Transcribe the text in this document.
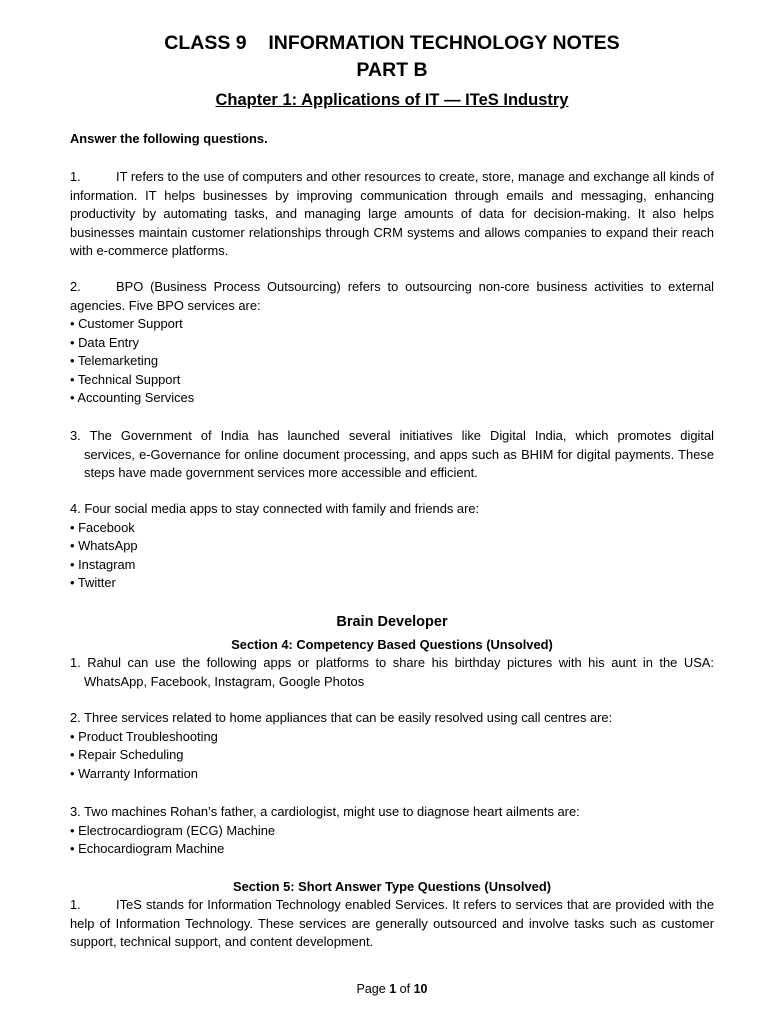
CLASS 9    INFORMATION TECHNOLOGY NOTES
PART B
Chapter 1: Applications of IT — ITeS Industry
Answer the following questions.
1.	IT refers to the use of computers and other resources to create, store, manage and exchange all kinds of information. IT helps businesses by improving communication through emails and messaging, enhancing productivity by automating tasks, and managing large amounts of data for decision-making. It also helps businesses maintain customer relationships through CRM systems and allows companies to expand their reach with e-commerce platforms.
2.	BPO (Business Process Outsourcing) refers to outsourcing non-core business activities to external agencies. Five BPO services are:
• Customer Support
• Data Entry
• Telemarketing
• Technical Support
• Accounting Services
3. The Government of India has launched several initiatives like Digital India, which promotes digital
services, e-Governance for online document processing, and apps such as BHIM for digital payments. These steps have made government services more accessible and efficient.
4. Four social media apps to stay connected with family and friends are:
• Facebook
• WhatsApp
• Instagram
• Twitter
Brain Developer
Section 4: Competency Based Questions (Unsolved)
1. Rahul can use the following apps or platforms to share his birthday pictures with his aunt in the USA:
WhatsApp, Facebook, Instagram, Google Photos
2. Three services related to home appliances that can be easily resolved using call centres are:
• Product Troubleshooting
• Repair Scheduling
• Warranty Information
3. Two machines Rohan’s father, a cardiologist, might use to diagnose heart ailments are:
• Electrocardiogram (ECG) Machine
• Echocardiogram Machine
Section 5: Short Answer Type Questions (Unsolved)
1.	ITeS stands for Information Technology enabled Services. It refers to services that are provided with the help of Information Technology. These services are generally outsourced and involve tasks such as customer support, technical support, and content development.
Page 1 of 10
